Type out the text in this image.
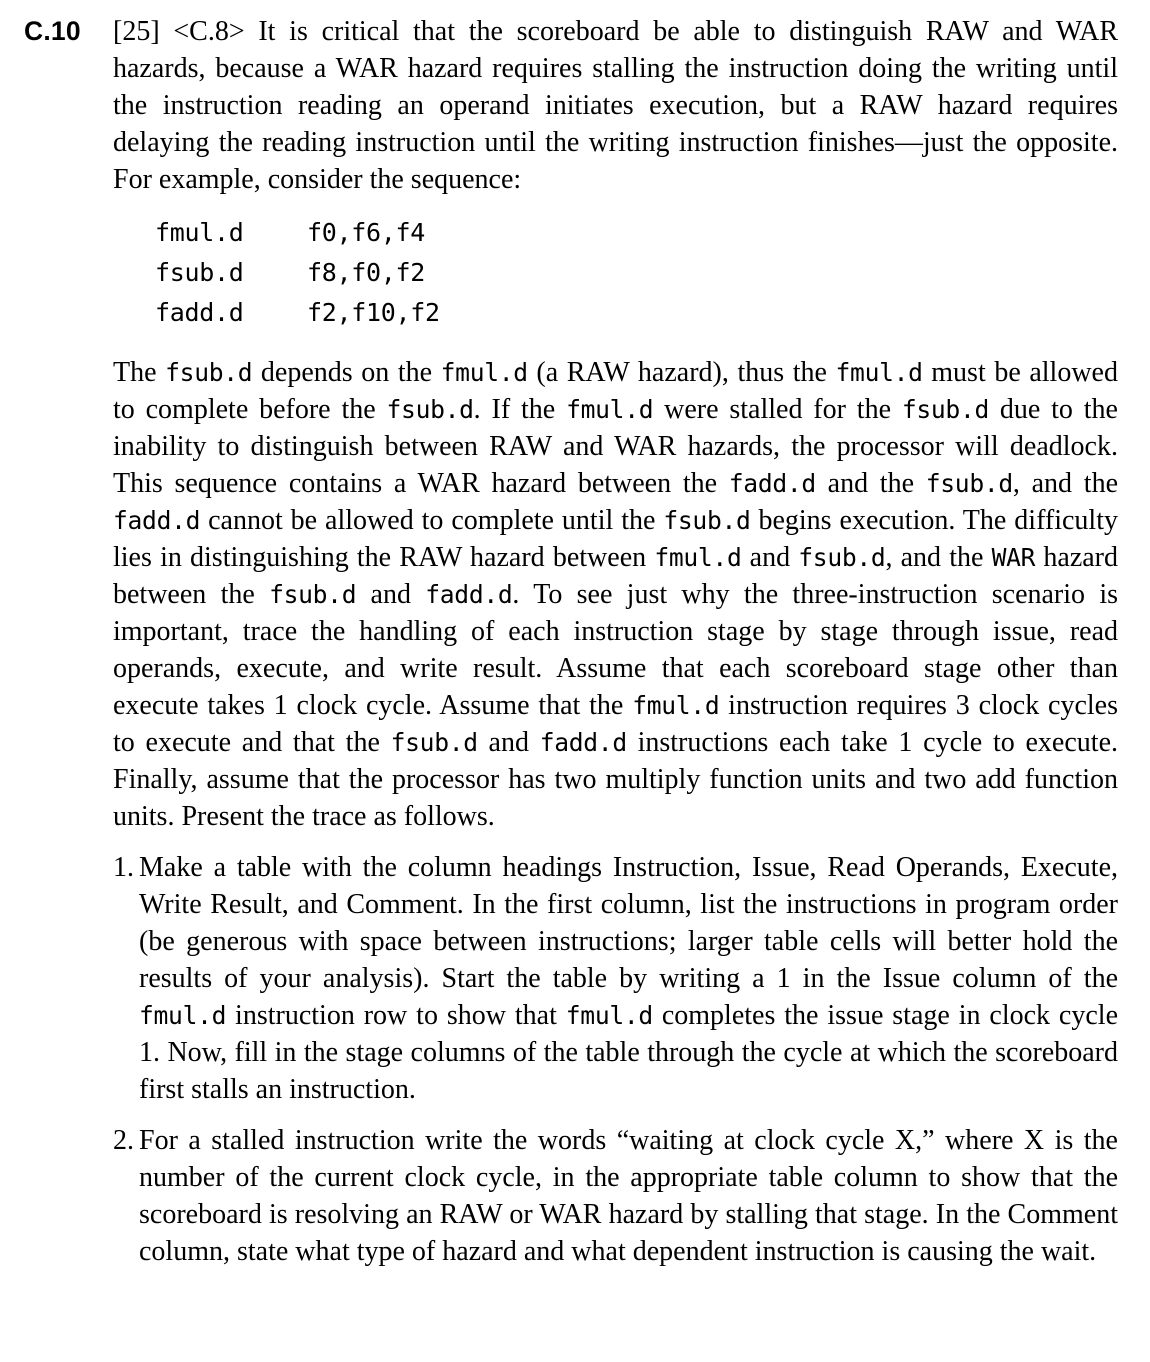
C.10	[25] <C.8> It is critical that the scoreboard be able to distinguish RAW and WAR hazards, because a WAR hazard requires stalling the instruction doing the writing until the instruction reading an operand initiates execution, but a RAW hazard requires delaying the reading instruction until the writing instruction finishes—just the opposite. For example, consider the sequence:

fmul.d	f0,f6,f4
fsub.d	f8,f0,f2
fadd.d	f2,f10,f2

The fsub.d depends on the fmul.d (a RAW hazard), thus the fmul.d must be allowed to complete before the fsub.d. If the fmul.d were stalled for the fsub.d due to the inability to distinguish between RAW and WAR hazards, the processor will deadlock. This sequence contains a WAR hazard between the fadd.d and the fsub.d, and the fadd.d cannot be allowed to complete until the fsub.d begins execution. The difficulty lies in distinguishing the RAW hazard between fmul.d and fsub.d, and the WAR hazard between the fsub.d and fadd.d. To see just why the three-instruction scenario is important, trace the handling of each instruction stage by stage through issue, read operands, execute, and write result. Assume that each scoreboard stage other than execute takes 1 clock cycle. Assume that the fmul.d instruction requires 3 clock cycles to execute and that the fsub.d and fadd.d instructions each take 1 cycle to execute. Finally, assume that the processor has two multiply function units and two add function units. Present the trace as follows.

1. Make a table with the column headings Instruction, Issue, Read Operands, Execute, Write Result, and Comment. In the first column, list the instructions in program order (be generous with space between instructions; larger table cells will better hold the results of your analysis). Start the table by writing a 1 in the Issue column of the fmul.d instruction row to show that fmul.d completes the issue stage in clock cycle 1. Now, fill in the stage columns of the table through the cycle at which the scoreboard first stalls an instruction.
2. For a stalled instruction write the words “waiting at clock cycle X,” where X is the number of the current clock cycle, in the appropriate table column to show that the scoreboard is resolving an RAW or WAR hazard by stalling that stage. In the Comment column, state what type of hazard and what dependent instruction is causing the wait.
